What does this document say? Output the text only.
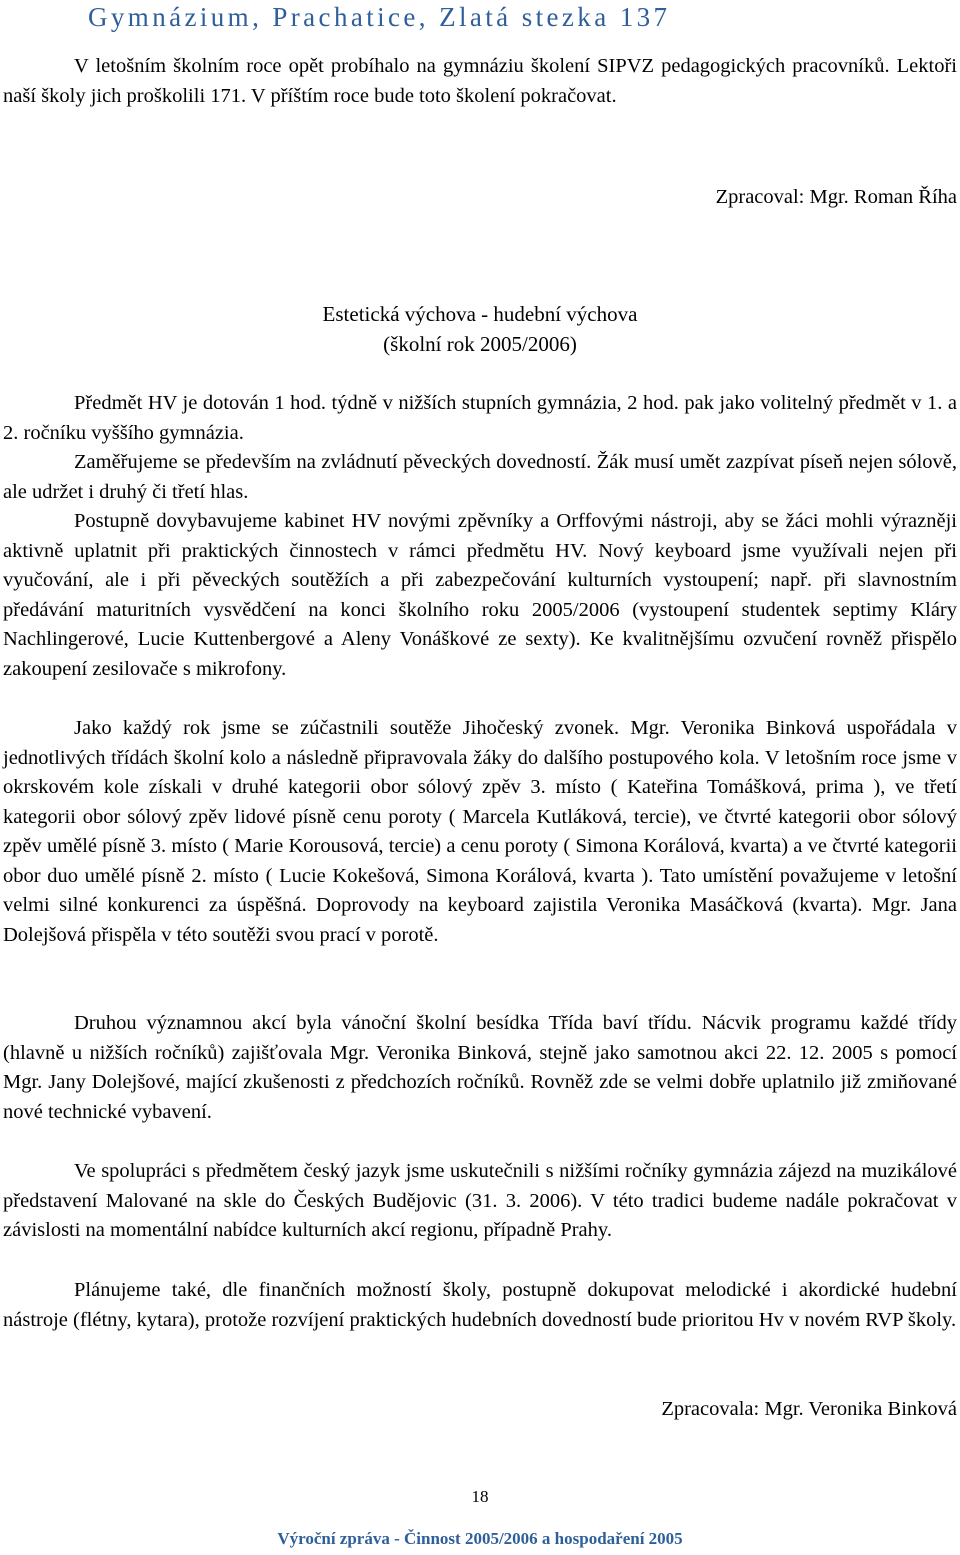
Gymnázium, Prachatice, Zlatá stezka 137

V letošním školním roce opět probíhalo na gymnáziu školení SIPVZ pedagogických pracovníků. Lektoři naší školy jich proškolili 171. V příštím roce bude toto školení pokračovat.

Zpracoval: Mgr. Roman Říha

Estetická výchova - hudební výchova

(školní rok 2005/2006)

Předmět HV je dotován 1 hod. týdně v nižších stupních gymnázia, 2 hod. pak jako volitelný předmět v 1. a 2. ročníku vyššího gymnázia.

Zaměřujeme se především na zvládnutí pěveckých dovedností. Žák musí umět zazpívat píseň nejen sólově, ale udržet i druhý či třetí hlas.

Postupně dovybavujeme kabinet HV novými zpěvníky a Orffovými nástroji, aby se žáci mohli výrazněji aktivně uplatnit při praktických činnostech v rámci předmětu HV. Nový keyboard jsme využívali nejen při vyučování, ale i při pěveckých soutěžích a při zabezpečování kulturních vystoupení; např. při slavnostním předávání maturitních vysvědčení na konci školního roku 2005/2006 (vystoupení studentek septimy Kláry Nachlingerové, Lucie Kuttenbergové a Aleny Vonáškové ze sexty). Ke kvalitnějšímu ozvučení rovněž přispělo zakoupení zesilovače s mikrofony.

Jako každý rok jsme se zúčastnili soutěže Jihočeský zvonek. Mgr. Veronika Binková uspořádala v jednotlivých třídách školní kolo a následně připravovala žáky do dalšího postupového kola. V letošním roce jsme v okrskovém kole získali v druhé kategorii obor sólový zpěv 3. místo ( Kateřina Tomášková, prima ), ve třetí kategorii obor sólový zpěv lidové písně cenu poroty ( Marcela Kutláková, tercie), ve čtvrté kategorii obor sólový zpěv umělé písně 3. místo ( Marie Korousová, tercie) a cenu poroty ( Simona Korálová, kvarta) a ve čtvrté kategorii obor duo umělé písně 2. místo ( Lucie Kokešová, Simona Korálová, kvarta ). Tato umístění považujeme v letošní velmi silné konkurenci za úspěšná. Doprovody na keyboard zajistila Veronika Masáčková (kvarta). Mgr. Jana Dolejšová přispěla v této soutěži svou prací v porotě.

Druhou významnou akcí byla vánoční školní besídka Třída baví třídu. Nácvik programu každé třídy (hlavně u nižších ročníků) zajišťovala Mgr. Veronika Binková, stejně jako samotnou akci 22. 12. 2005 s pomocí Mgr. Jany Dolejšové, mající zkušenosti z předchozích ročníků. Rovněž zde se velmi dobře uplatnilo již zmiňované nové technické vybavení.

Ve spolupráci s předmětem český jazyk jsme uskutečnili s nižšími ročníky gymnázia zájezd na muzikálové představení Malované na skle do Českých Budějovic (31. 3. 2006). V této tradici budeme nadále pokračovat v závislosti na momentální nabídce kulturních akcí regionu, případně Prahy.

Plánujeme také, dle finančních možností školy, postupně dokupovat melodické i akordické hudební nástroje (flétny, kytara), protože rozvíjení praktických hudebních dovedností bude prioritou Hv v novém RVP školy.

Zpracovala: Mgr. Veronika Binková

18
Výroční zpráva - Činnost 2005/2006 a hospodaření 2005
